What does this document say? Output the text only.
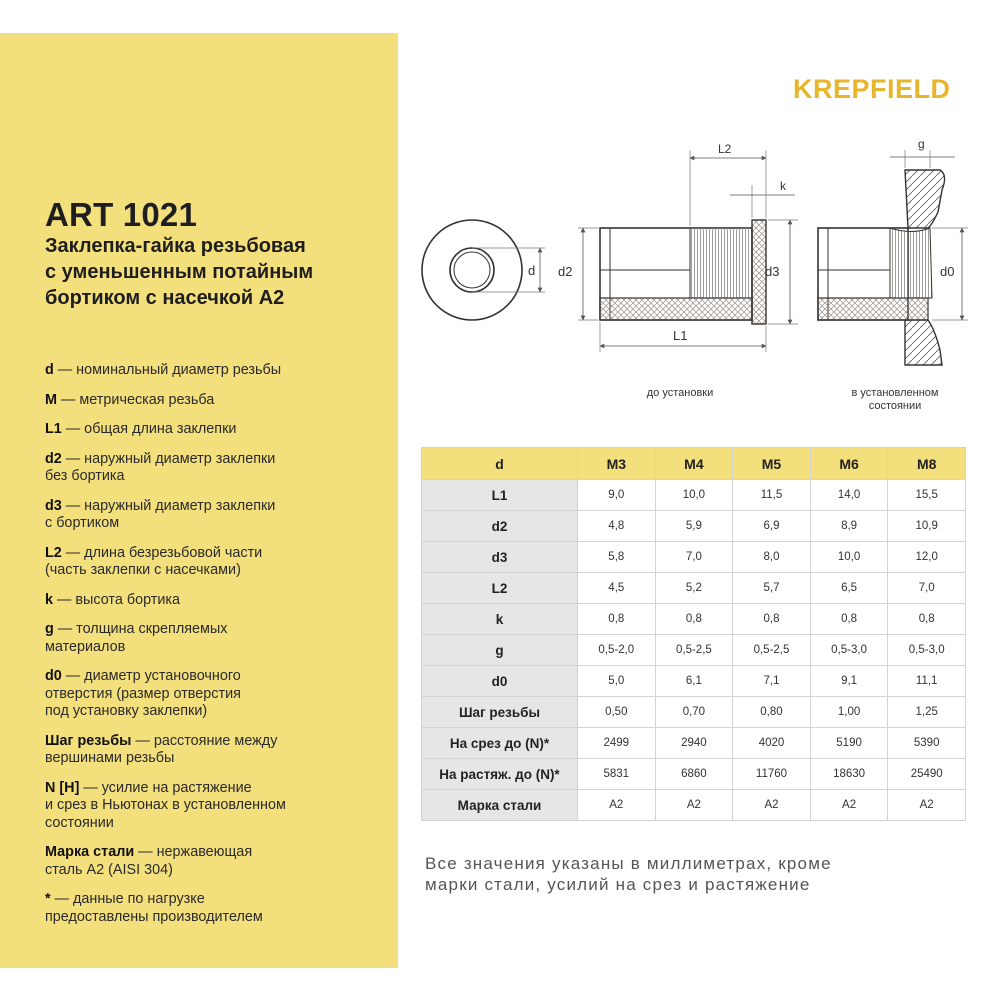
ART 1021
Заклепка-гайка резьбовая
с уменьшенным потайным
бортиком с насечкой А2
d — номинальный диаметр резьбы
M — метрическая резьба
L1 — общая длина заклепки
d2 — наружный диаметр заклепки
без бортика
d3 — наружный диаметр заклепки
с бортиком
L2 — длина безрезьбовой части
(часть заклепки с насечками)
k — высота бортика
g — толщина скрепляемых
материалов
d0 — диаметр установочного
отверстия (размер отверстия
под установку заклепки)
Шаг резьбы — расстояние между
вершинами резьбы
N [H] — усилие на растяжение
и срез в Ньютонах в установленном
состоянии
Марка стали — нержавеющая
сталь А2 (AISI 304)
* — данные по нагрузке
предоставлены производителем
KREPFIELD
d
L2
k
d2	d3
L1
g
d0
до установки	в установленном
состоянии
d	M3	M4	M5	M6	M8
L1	9,0	10,0	11,5	14,0	15,5
d2	4,8	5,9	6,9	8,9	10,9
d3	5,8	7,0	8,0	10,0	12,0
L2	4,5	5,2	5,7	6,5	7,0
k	0,8	0,8	0,8	0,8	0,8
g	0,5-2,0	0,5-2,5	0,5-2,5	0,5-3,0	0,5-3,0
d0	5,0	6,1	7,1	9,1	11,1
Шаг резьбы	0,50	0,70	0,80	1,00	1,25
На срез до (N)*	2499	2940	4020	5190	5390
На растяж. до (N)*	5831	6860	11760	18630	25490
Марка стали	A2	A2	A2	A2	A2

Все значения указаны в миллиметрах, кроме
марки стали, усилий на срез и растяжение
